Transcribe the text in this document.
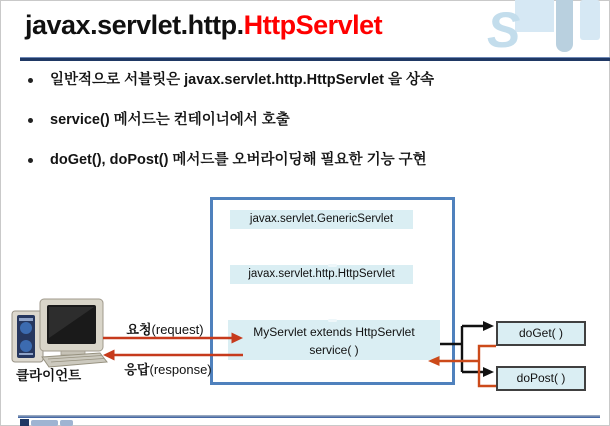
javax.servlet.http.HttpServlet S
일반적으로 서블릿은 javax.servlet.http.HttpServlet 을 상속
service() 메서드는 컨테이너에서 호출
doGet(), doPost() 메서드를 오버라이딩해 필요한 기능 구현
javax.servlet.GenericServlet
javax.servlet.http.HttpServlet
MyServlet extends HttpServlet
service( )
클라이언트
요청(request)
응답(response)
doGet( )
doPost( )
